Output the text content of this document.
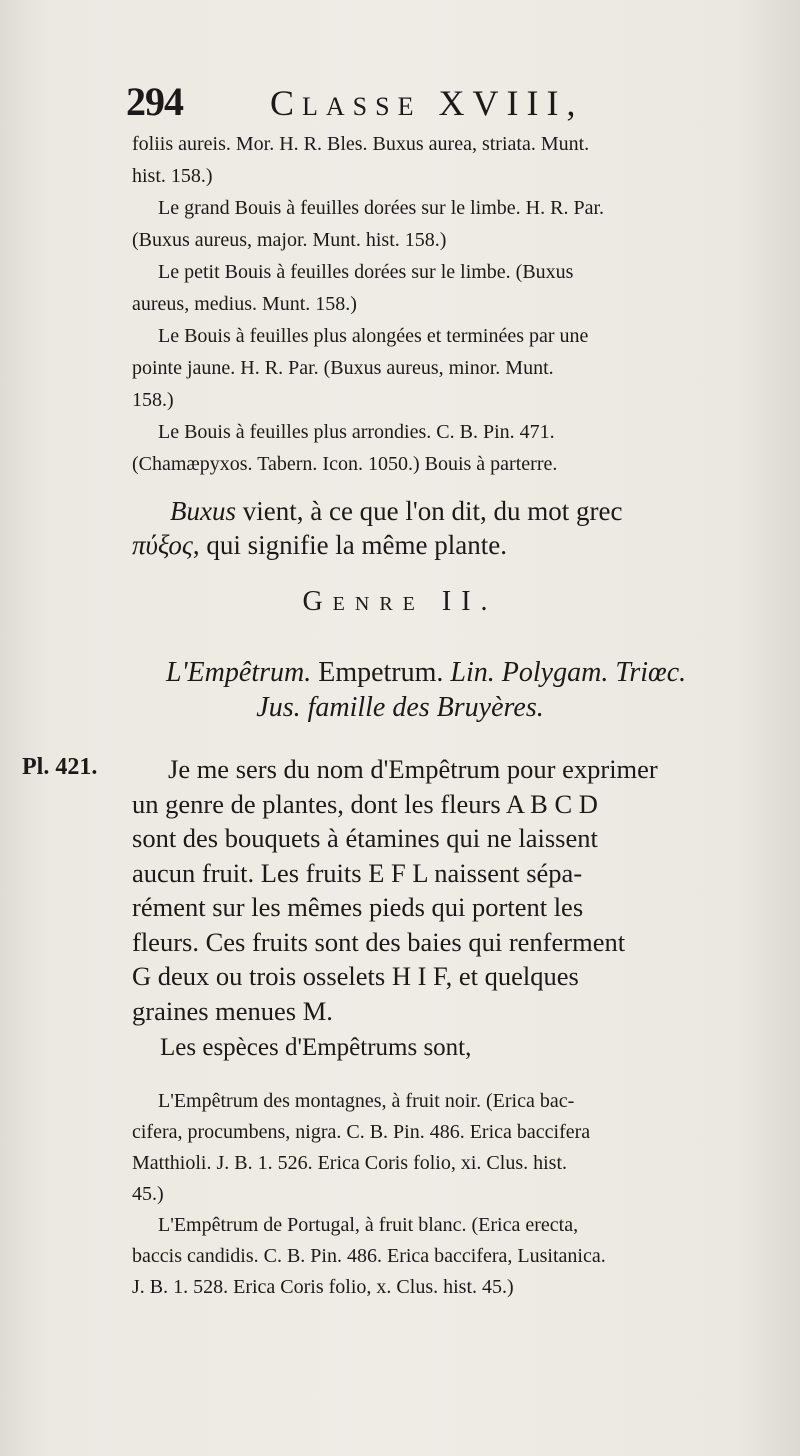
294 CLASSE XVIII,
foliis aureis. Mor. H. R. Bles. Buxus aurea, striata. Munt.
hist. 158.)
Le grand Bouis à feuilles dorées sur le limbe. H. R. Par.
(Buxus aureus, major. Munt. hist. 158.)
Le petit Bouis à feuilles dorées sur le limbe. (Buxus
aureus, medius. Munt. 158.)
Le Bouis à feuilles plus alongées et terminées par une
pointe jaune. H. R. Par. (Buxus aureus, minor. Munt.
158.)
Le Bouis à feuilles plus arrondies. C. B. Pin. 471.
(Chamæpyxos. Tabern. Icon. 1050.) Bouis à parterre.
Buxus vient, à ce que l'on dit, du mot grec
πύξος, qui signifie la même plante.
GENRE II.
L'Empêtrum. Empetrum. Lin. Polygam. Triœc.
Jus. famille des Bruyères.
Pl. 421.	Je me sers du nom d'Empêtrum pour exprimer
un genre de plantes, dont les fleurs A B C D
sont des bouquets à étamines qui ne laissent
aucun fruit. Les fruits E F L naissent sépa-
rément sur les mêmes pieds qui portent les
fleurs. Ces fruits sont des baies qui renferment
G deux ou trois osselets H I F, et quelques
graines menues M.
Les espèces d'Empêtrums sont,
L'Empêtrum des montagnes, à fruit noir. (Erica bac-
cifera, procumbens, nigra. C. B. Pin. 486. Erica baccifera
Matthioli. J. B. 1. 526. Erica Coris folio, xi. Clus. hist.
45.)
L'Empêtrum de Portugal, à fruit blanc. (Erica erecta,
baccis candidis. C. B. Pin. 486. Erica baccifera, Lusitanica.
J. B. 1. 528. Erica Coris folio, x. Clus. hist. 45.)
